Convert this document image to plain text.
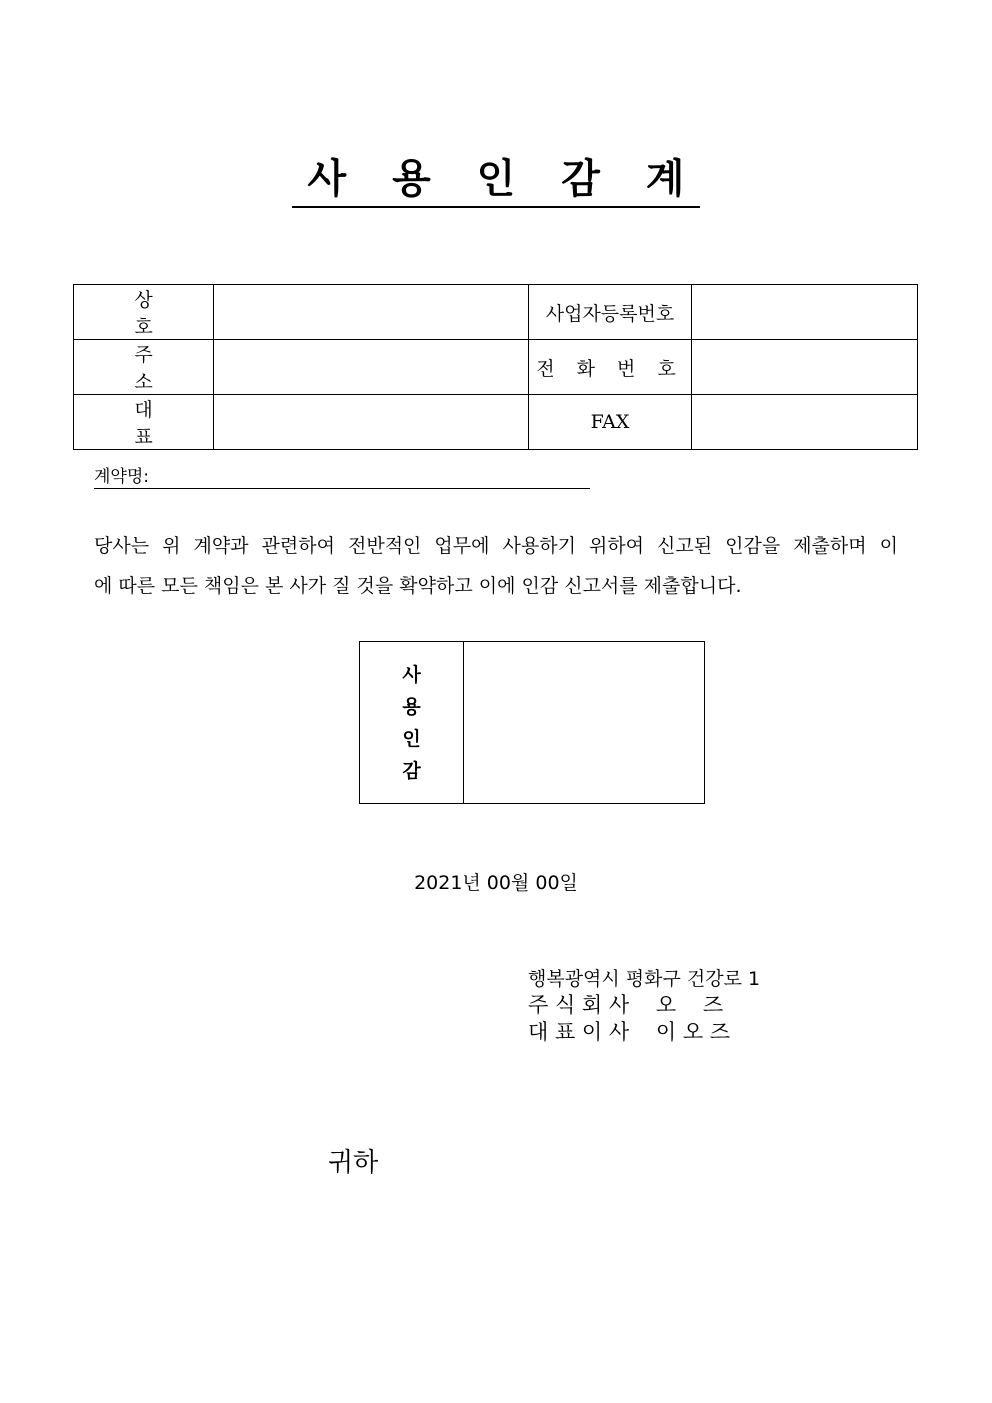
사 용 인 감 계
상 호		사업자등록번호	
주 소		전 화 번 호	
대 표		FAX	
계약명:

당사는 위 계약과 관련하여 전반적인 업무에 사용하기 위하여 신고된 인감을 제출하며 이
에 따른 모든 책임은 본 사가 질 것을 확약하고 이에 인감 신고서를 제출합니다.

사
용
인
감

2021년 00월 00일
행복광역시 평화구 건강로 1
주 식 회 사    오    즈
대 표 이 사    이 오 즈
귀하
